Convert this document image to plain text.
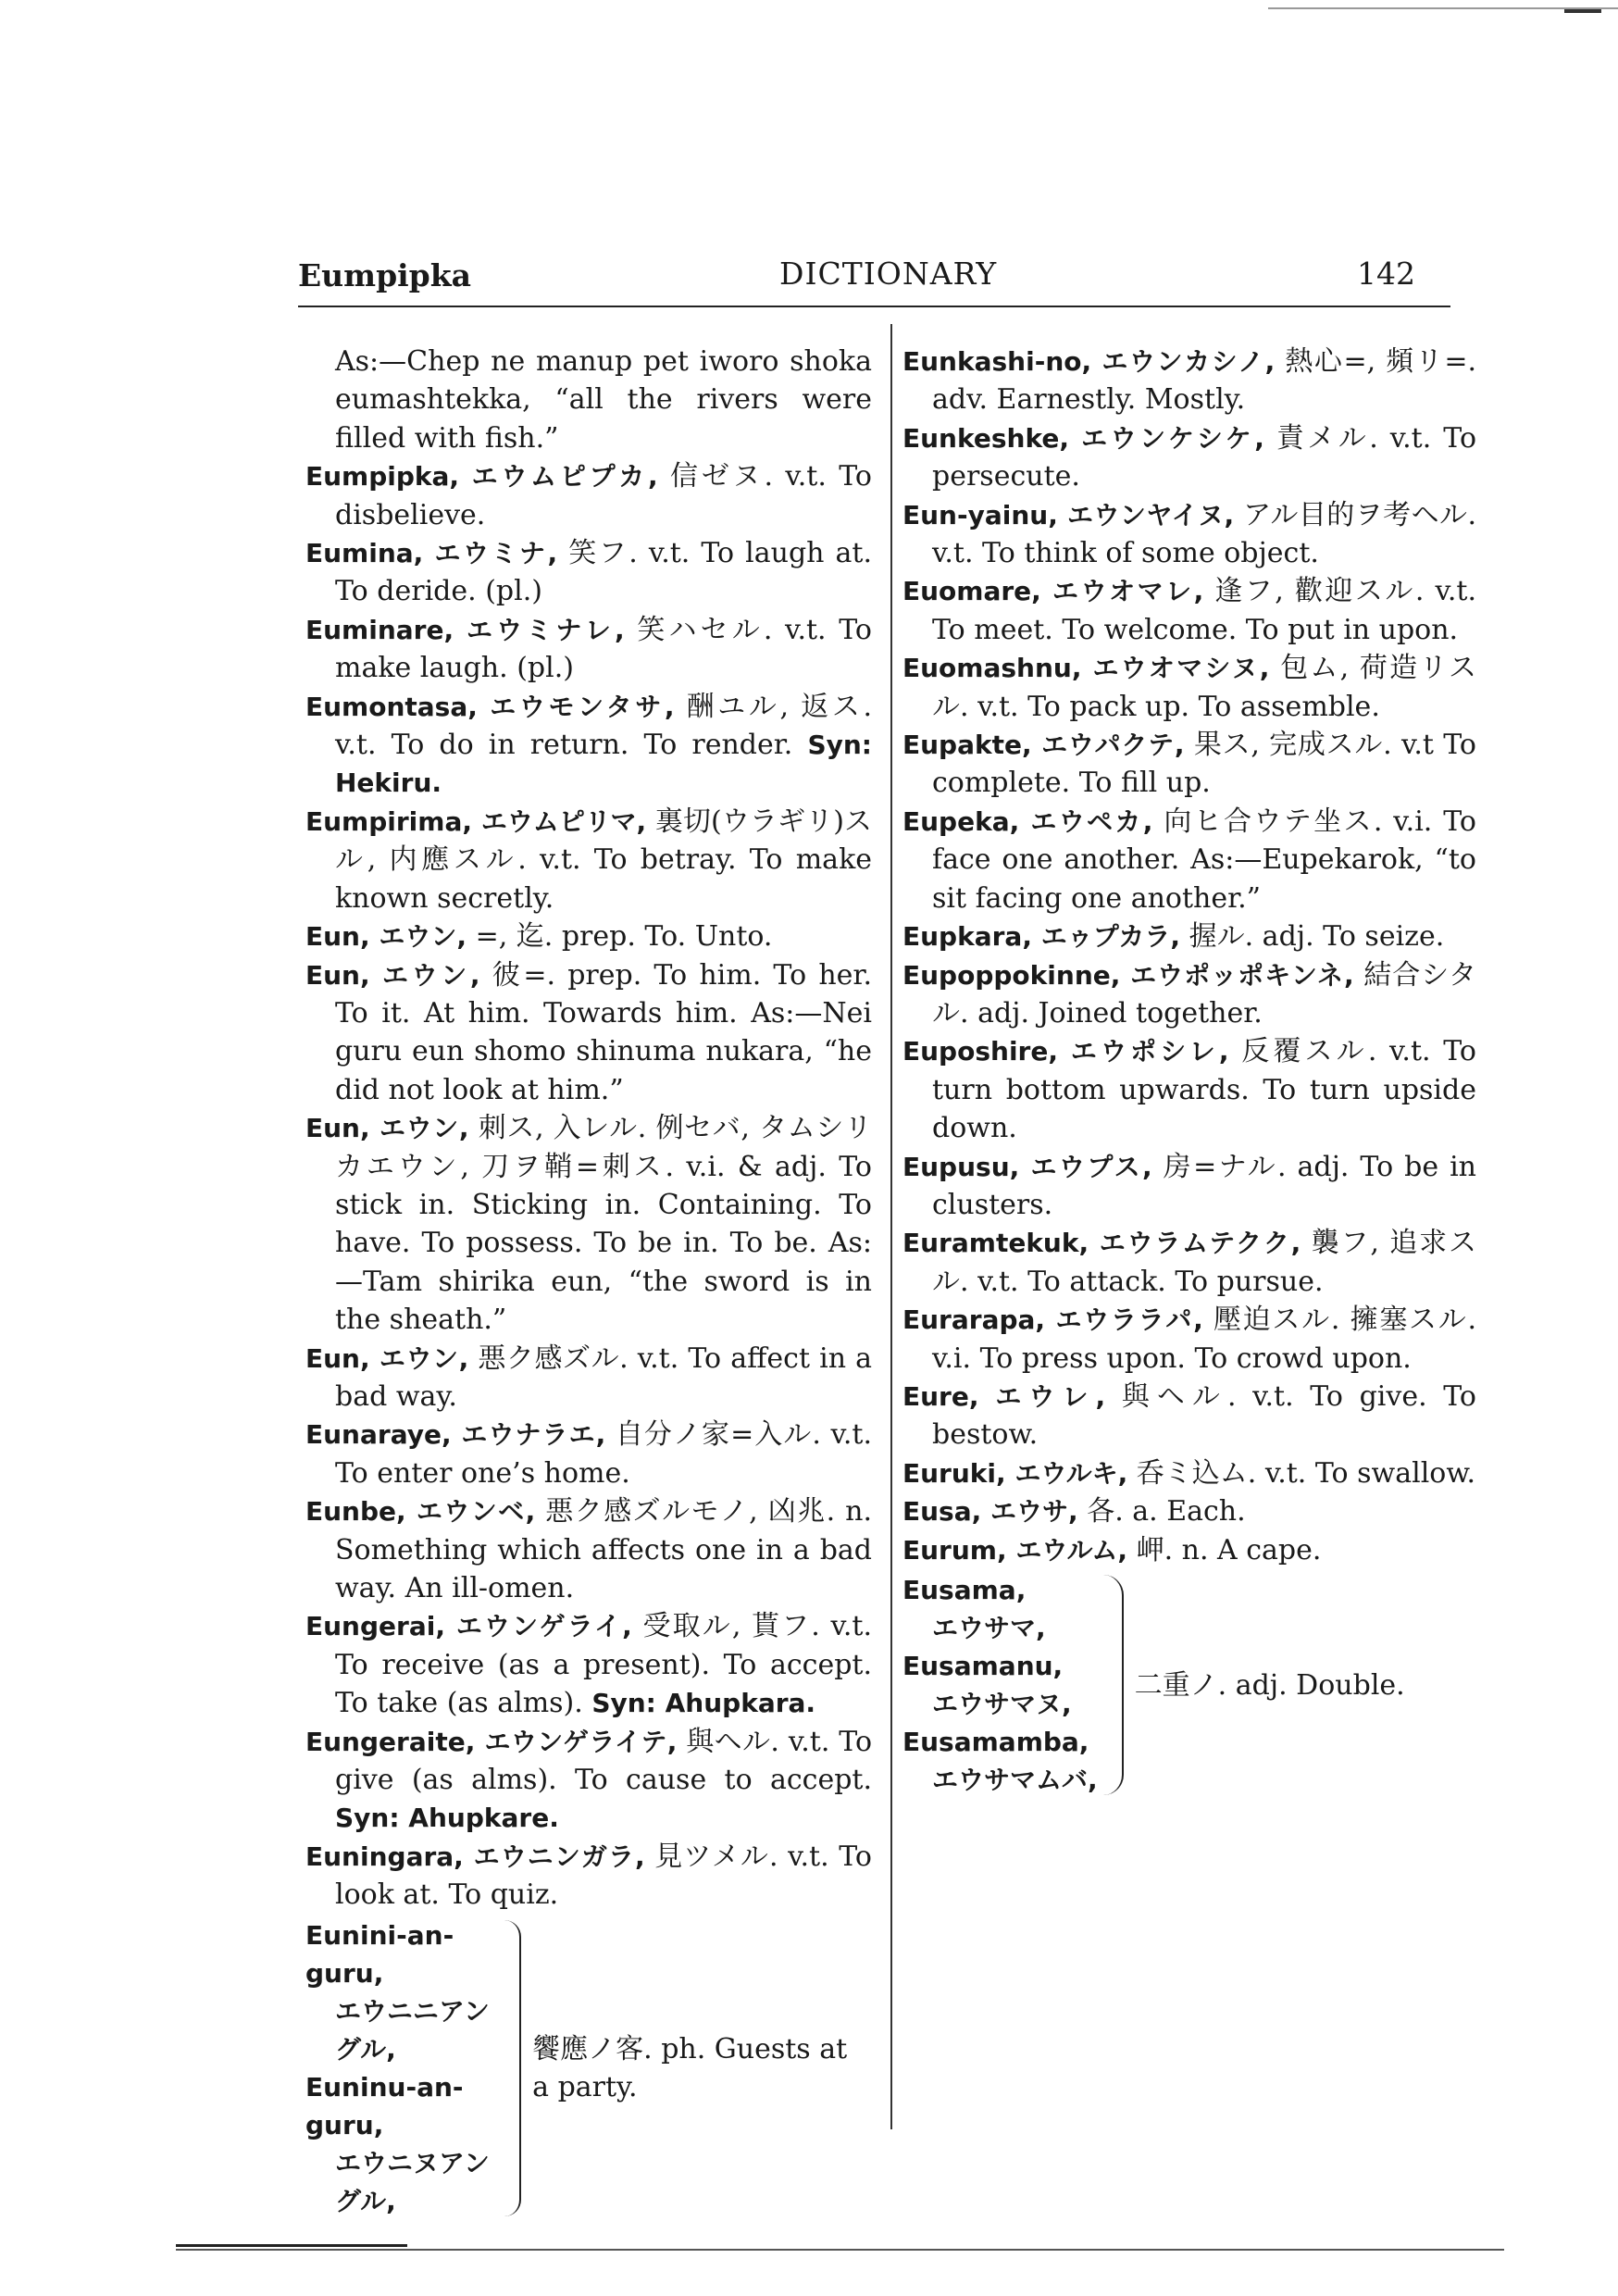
Eumpipka	DICTIONARY	142

As:—Chep ne manup pet iworo shoka eumashtekka, “all the rivers were filled with fish.”

Eumpipka, エウムピプカ, 信ゼヌ. v.t. To disbelieve.

Eumina, エウミナ, 笑フ. v.t. To laugh at. To deride. (pl.)

Euminare, エウミナレ, 笑ハセル. v.t. To make laugh. (pl.)

Eumontasa, エウモンタサ, 酬ユル, 返ス. v.t. To do in return. To render. Syn: Hekiru.

Eumpirima, エウムピリマ, 裏切(ウラギリ)スル, 内應スル. v.t. To betray. To make known secretly.

Eun, エウン, =, 迄. prep. To. Unto.

Eun, エウン, 彼=. prep. To him. To her. To it. At him. Towards him. As:—Nei guru eun shomo shinuma nukara, “he did not look at him.”

Eun, エウン, 刺ス, 入レル. 例セバ, タムシリカエウン, 刀ヲ鞘=刺ス. v.i. & adj. To stick in. Sticking in. Containing. To have. To possess. To be in. To be. As:—Tam shirika eun, “the sword is in the sheath.”

Eun, エウン, 悪ク感ズル. v.t. To affect in a bad way.

Eunaraye, エウナラエ, 自分ノ家=入ル. v.t. To enter one’s home.

Eunbe, エウンベ, 悪ク感ズルモノ, 凶兆. n. Something which affects one in a bad way. An ill-omen.

Eungerai, エウンゲライ, 受取ル, 貰フ. v.t. To receive (as a present). To accept. To take (as alms). Syn: Ahupkara.

Eungeraite, エウンゲライテ, 與ヘル. v.t. To give (as alms). To cause to accept. Syn: Ahupkare.

Euningara, エウニンガラ, 見ツメル. v.t. To look at. To quiz.

Eunini-an-guru,
エウニニアングル,
Euninu-an-guru,
エウニヌアングル,
饗應ノ客. ph. Guests at a party.

Eunkashi-no, エウンカシノ, 熱心=, 頻リ=. adv. Earnestly. Mostly.

Eunkeshke, エウンケシケ, 責メル. v.t. To persecute.

Eun-yainu, エウンヤイヌ, アル目的ヲ考ヘル. v.t. To think of some object.

Euomare, エウオマレ, 逢フ, 歡迎スル. v.t. To meet. To welcome. To put in upon.

Euomashnu, エウオマシヌ, 包ム, 荷造リスル. v.t. To pack up. To assemble.

Eupakte, エウパクテ, 果ス, 完成スル. v.t To complete. To fill up.

Eupeka, エウペカ, 向ヒ合ウテ坐ス. v.i. To face one another. As:—Eupekarok, “to sit facing one another.”

Eupkara, エゥプカラ, 握ル. adj. To seize.

Eupoppokinne, エウポッポキンネ, 結合シタル. adj. Joined together.

Euposhire, エウポシレ, 反覆スル. v.t. To turn bottom upwards. To turn upside down.

Eupusu, エウプス, 房=ナル. adj. To be in clusters.

Euramtekuk, エウラムテクク, 襲フ, 追求スル. v.t. To attack. To pursue.

Eurarapa, エウララパ, 壓迫スル. 擁塞スル. v.i. To press upon. To crowd upon.

Eure, エウレ, 與ヘル. v.t. To give. To bestow.

Euruki, エウルキ, 呑ミ込ム. v.t. To swallow.

Eusa, エウサ, 各. a. Each.

Eurum, エウルム, 岬. n. A cape.

Eusama,
エウサマ,
Eusamanu,
エウサマヌ,
Eusamamba,
エウサマムバ,
二重ノ. adj. Double.
